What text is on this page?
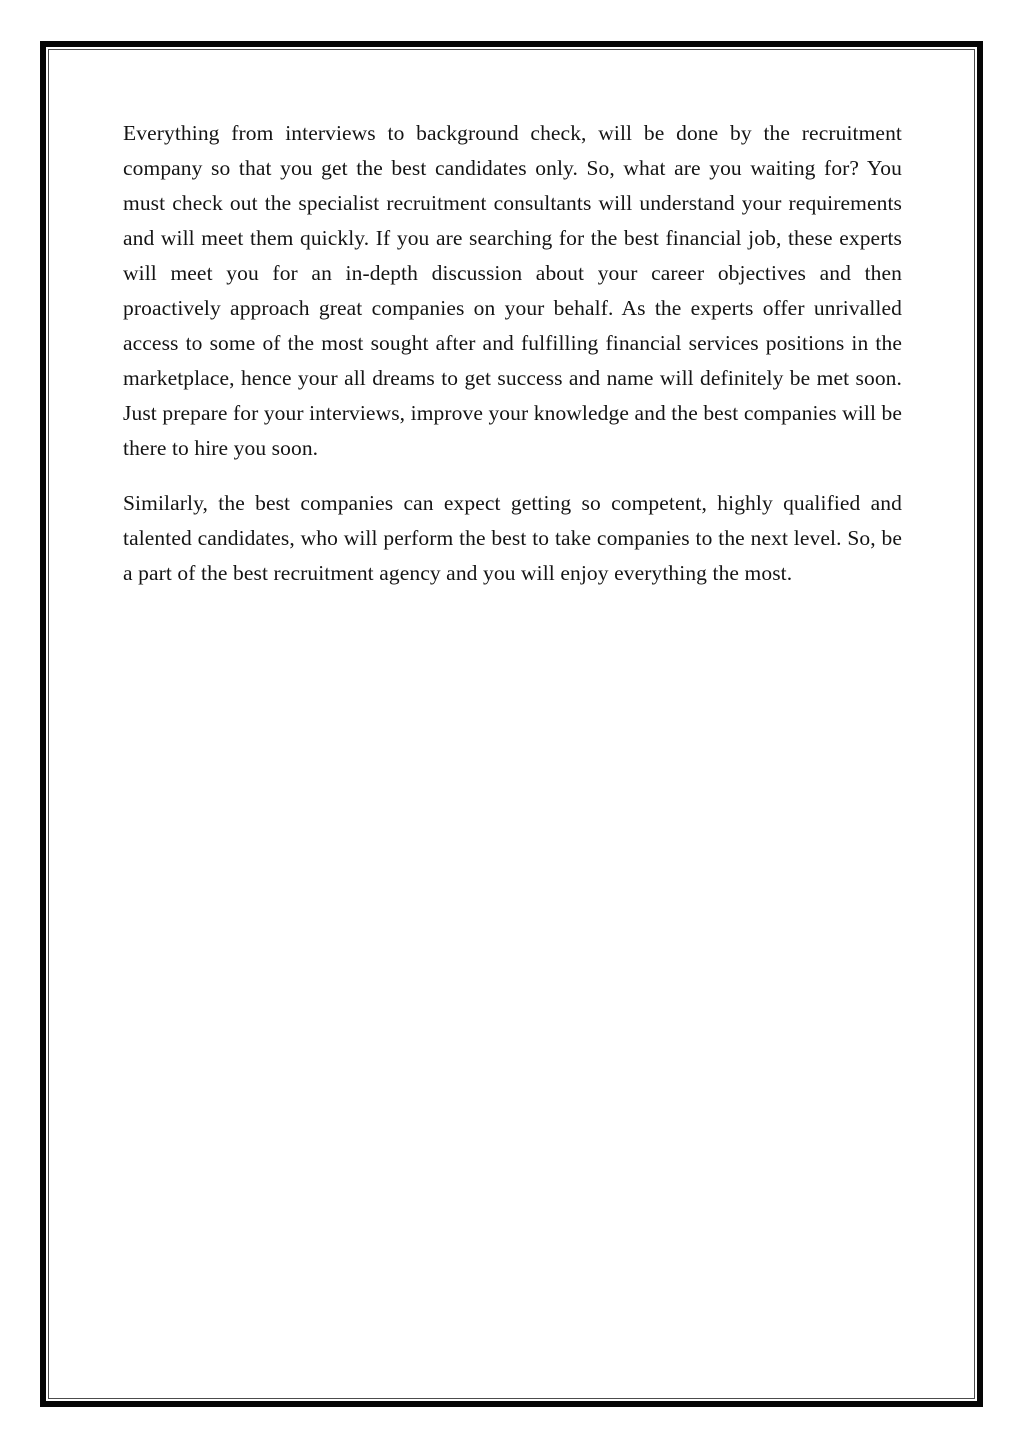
Everything from interviews to background check, will be done by the recruitment company so that you get the best candidates only. So, what are you waiting for? You must check out the specialist recruitment consultants will understand your requirements and will meet them quickly. If you are searching for the best financial job, these experts will meet you for an in-depth discussion about your career objectives and then proactively approach great companies on your behalf. As the experts offer unrivalled access to some of the most sought after and fulfilling financial services positions in the marketplace, hence your all dreams to get success and name will definitely be met soon. Just prepare for your interviews, improve your knowledge and the best companies will be there to hire you soon.

Similarly, the best companies can expect getting so competent, highly qualified and talented candidates, who will perform the best to take companies to the next level. So, be a part of the best recruitment agency and you will enjoy everything the most.
